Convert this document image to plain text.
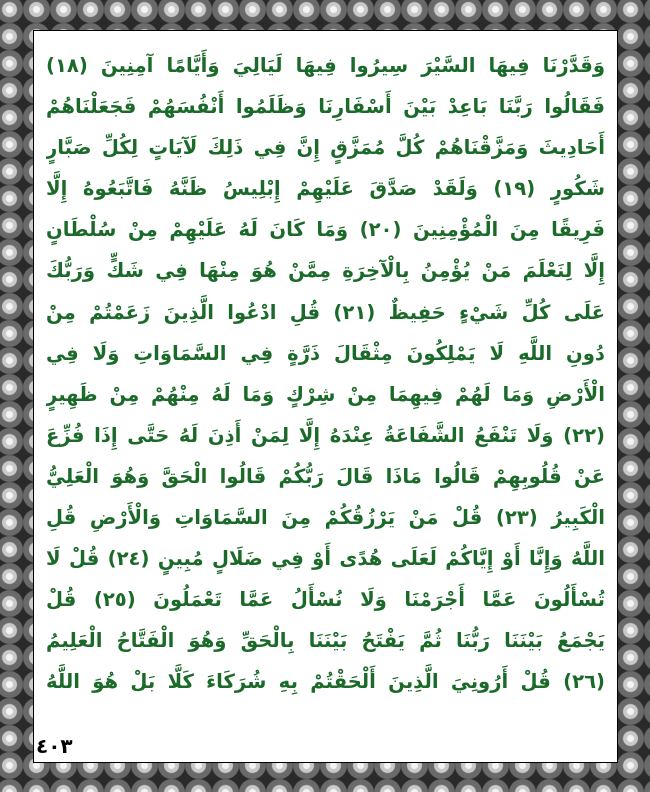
وَقَدَّرْنَا فِيهَا السَّيْرَ سِيرُوا فِيهَا لَيَالِيَ وَأَيَّامًا آمِنِينَ (١٨)
فَقَالُوا رَبَّنَا بَاعِدْ بَيْنَ أَسْفَارِنَا وَظَلَمُوا أَنْفُسَهُمْ فَجَعَلْنَاهُمْ
أَحَادِيثَ وَمَزَّقْنَاهُمْ كُلَّ مُمَزَّقٍ إِنَّ فِي ذَلِكَ لَآيَاتٍ لِكُلِّ صَبَّارٍ
شَكُورٍ (١٩) وَلَقَدْ صَدَّقَ عَلَيْهِمْ إِبْلِيسُ ظَنَّهُ فَاتَّبَعُوهُ إِلَّا
فَرِيقًا مِنَ الْمُؤْمِنِينَ (٢٠) وَمَا كَانَ لَهُ عَلَيْهِمْ مِنْ سُلْطَانٍ
إِلَّا لِنَعْلَمَ مَنْ يُؤْمِنُ بِالْآخِرَةِ مِمَّنْ هُوَ مِنْهَا فِي شَكٍّ وَرَبُّكَ
عَلَى كُلِّ شَيْءٍ حَفِيظٌ (٢١) قُلِ ادْعُوا الَّذِينَ زَعَمْتُمْ مِنْ
دُونِ اللَّهِ لَا يَمْلِكُونَ مِثْقَالَ ذَرَّةٍ فِي السَّمَاوَاتِ وَلَا فِي
الْأَرْضِ وَمَا لَهُمْ فِيهِمَا مِنْ شِرْكٍ وَمَا لَهُ مِنْهُمْ مِنْ ظَهِيرٍ
(٢٢) وَلَا تَنْفَعُ الشَّفَاعَةُ عِنْدَهُ إِلَّا لِمَنْ أَذِنَ لَهُ حَتَّى إِذَا فُزِّعَ
عَنْ قُلُوبِهِمْ قَالُوا مَاذَا قَالَ رَبُّكُمْ قَالُوا الْحَقَّ وَهُوَ الْعَلِيُّ
الْكَبِيرُ (٢٣) قُلْ مَنْ يَرْزُقُكُمْ مِنَ السَّمَاوَاتِ وَالْأَرْضِ قُلِ
اللَّهُ وَإِنَّا أَوْ إِيَّاكُمْ لَعَلَى هُدًى أَوْ فِي ضَلَالٍ مُبِينٍ (٢٤) قُلْ لَا
تُسْأَلُونَ عَمَّا أَجْرَمْنَا وَلَا نُسْأَلُ عَمَّا تَعْمَلُونَ (٢٥) قُلْ
يَجْمَعُ بَيْنَنَا رَبُّنَا ثُمَّ يَفْتَحُ بَيْنَنَا بِالْحَقِّ وَهُوَ الْفَتَّاحُ الْعَلِيمُ
(٢٦) قُلْ أَرُونِيَ الَّذِينَ أَلْحَقْتُمْ بِهِ شُرَكَاءَ كَلَّا بَلْ هُوَ اللَّهُ
٤٠٣
